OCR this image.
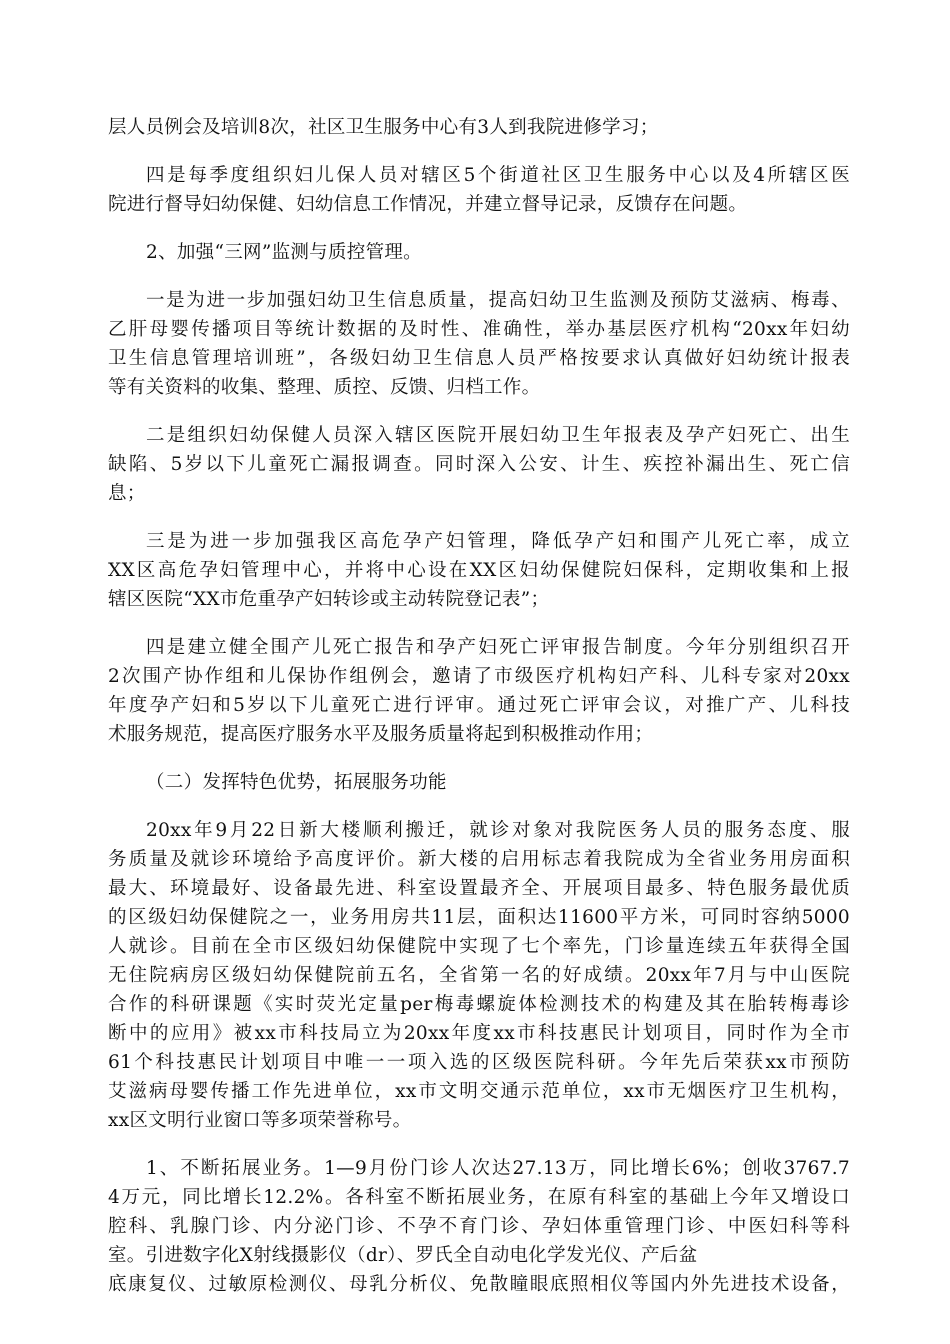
层人员例会及培训8次，社区卫生服务中心有3人到我院进修学习；
四是每季度组织妇儿保人员对辖区5个街道社区卫生服务中心以及4所辖区医
院进行督导妇幼保健、妇幼信息工作情况，并建立督导记录，反馈存在问题。
2、加强“三网”监测与质控管理。
一是为进一步加强妇幼卫生信息质量，提高妇幼卫生监测及预防艾滋病、梅毒、
乙肝母婴传播项目等统计数据的及时性、准确性，举办基层医疗机构“20xx年妇幼
卫生信息管理培训班”，各级妇幼卫生信息人员严格按要求认真做好妇幼统计报表
等有关资料的收集、整理、质控、反馈、归档工作。
二是组织妇幼保健人员深入辖区医院开展妇幼卫生年报表及孕产妇死亡、出生
缺陷、5岁以下儿童死亡漏报调查。同时深入公安、计生、疾控补漏出生、死亡信
息；
三是为进一步加强我区高危孕产妇管理，降低孕产妇和围产儿死亡率，成立
XX区高危孕妇管理中心，并将中心设在XX区妇幼保健院妇保科，定期收集和上报
辖区医院“XX市危重孕产妇转诊或主动转院登记表”；
四是建立健全围产儿死亡报告和孕产妇死亡评审报告制度。今年分别组织召开
2次围产协作组和儿保协作组例会，邀请了市级医疗机构妇产科、儿科专家对20xx
年度孕产妇和5岁以下儿童死亡进行评审。通过死亡评审会议，对推广产、儿科技
术服务规范，提高医疗服务水平及服务质量将起到积极推动作用；
（二）发挥特色优势，拓展服务功能
20xx年9月22日新大楼顺利搬迁，就诊对象对我院医务人员的服务态度、服
务质量及就诊环境给予高度评价。新大楼的启用标志着我院成为全省业务用房面积
最大、环境最好、设备最先进、科室设置最齐全、开展项目最多、特色服务最优质
的区级妇幼保健院之一，业务用房共11层，面积达11600平方米，可同时容纳5000
人就诊。目前在全市区级妇幼保健院中实现了七个率先，门诊量连续五年获得全国
无住院病房区级妇幼保健院前五名，全省第一名的好成绩。20xx年7月与中山医院
合作的科研课题《实时荧光定量per梅毒螺旋体检测技术的构建及其在胎转梅毒诊
断中的应用》被xx市科技局立为20xx年度xx市科技惠民计划项目，同时作为全市
61个科技惠民计划项目中唯一一项入选的区级医院科研。今年先后荣获xx市预防
艾滋病母婴传播工作先进单位，xx市文明交通示范单位，xx市无烟医疗卫生机构，
xx区文明行业窗口等多项荣誉称号。
1、不断拓展业务。1—9月份门诊人次达27.13万，同比增长6%；创收3767.7
4万元，同比增长12.2%。各科室不断拓展业务，在原有科室的基础上今年又增设口
腔科、乳腺门诊、内分泌门诊、不孕不育门诊、孕妇体重管理门诊、中医妇科等科
室。引进数字化X射线摄影仪（dr）、罗氏全自动电化学发光仪、产后盆
底康复仪、过敏原检测仪、母乳分析仪、免散瞳眼底照相仪等国内外先进技术设备，
